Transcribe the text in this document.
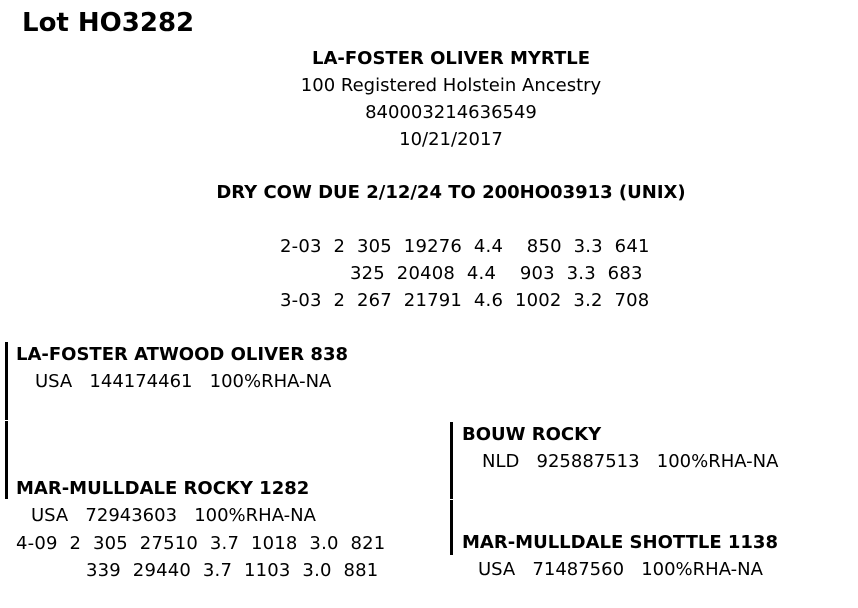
Lot HO3282
LA-FOSTER OLIVER MYRTLE
100 Registered Holstein Ancestry
840003214636549
10/21/2017
DRY COW DUE 2/12/24 TO 200HO03913 (UNIX)
2-03  2  305  19276  4.4    850  3.3  641
325  20408  4.4    903  3.3  683
3-03  2  267  21791  4.6  1002  3.2  708
LA-FOSTER ATWOOD OLIVER 838
USA   144174461   100%RHA-NA
MAR-MULLDALE ROCKY 1282
USA   72943603   100%RHA-NA
4-09  2  305  27510  3.7  1018  3.0  821
339  29440  3.7  1103  3.0  881
BOUW ROCKY
NLD   925887513   100%RHA-NA
MAR-MULLDALE SHOTTLE 1138
USA   71487560   100%RHA-NA
